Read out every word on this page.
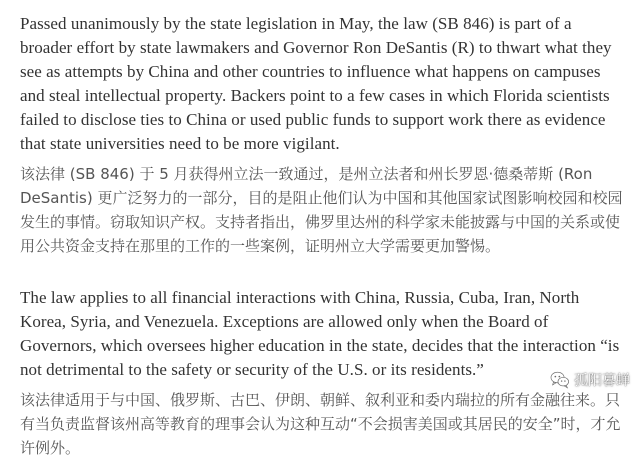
Passed unanimously by the state legislation in May, the law (SB 846) is part of a broader effort by state lawmakers and Governor Ron DeSantis (R) to thwart what they see as attempts by China and other countries to influence what happens on campuses and steal intellectual property. Backers point to a few cases in which Florida scientists failed to disclose ties to China or used public funds to support work there as evidence that state universities need to be more vigilant.

该法律 (SB 846) 于 5 月获得州立法一致通过，是州立法者和州长罗恩·德桑蒂斯 (Ron DeSantis) 更广泛努力的一部分，目的是阻止他们认为中国和其他国家试图影响校园和校园发生的事情。窃取知识产权。支持者指出，佛罗里达州的科学家未能披露与中国的关系或使用公共资金支持在那里的工作的一些案例，证明州立大学需要更加警惕。

The law applies to all financial interactions with China, Russia, Cuba, Iran, North Korea, Syria, and Venezuela. Exceptions are allowed only when the Board of Governors, which oversees higher education in the state, decides that the interaction “is not detrimental to the safety or security of the U.S. or its residents.”

该法律适用于与中国、俄罗斯、古巴、伊朗、朝鲜、叙利亚和委内瑞拉的所有金融往来。只有当负责监督该州高等教育的理事会认为这种互动“不会损害美国或其居民的安全”时，才允许例外。

孤阳暮蝉
